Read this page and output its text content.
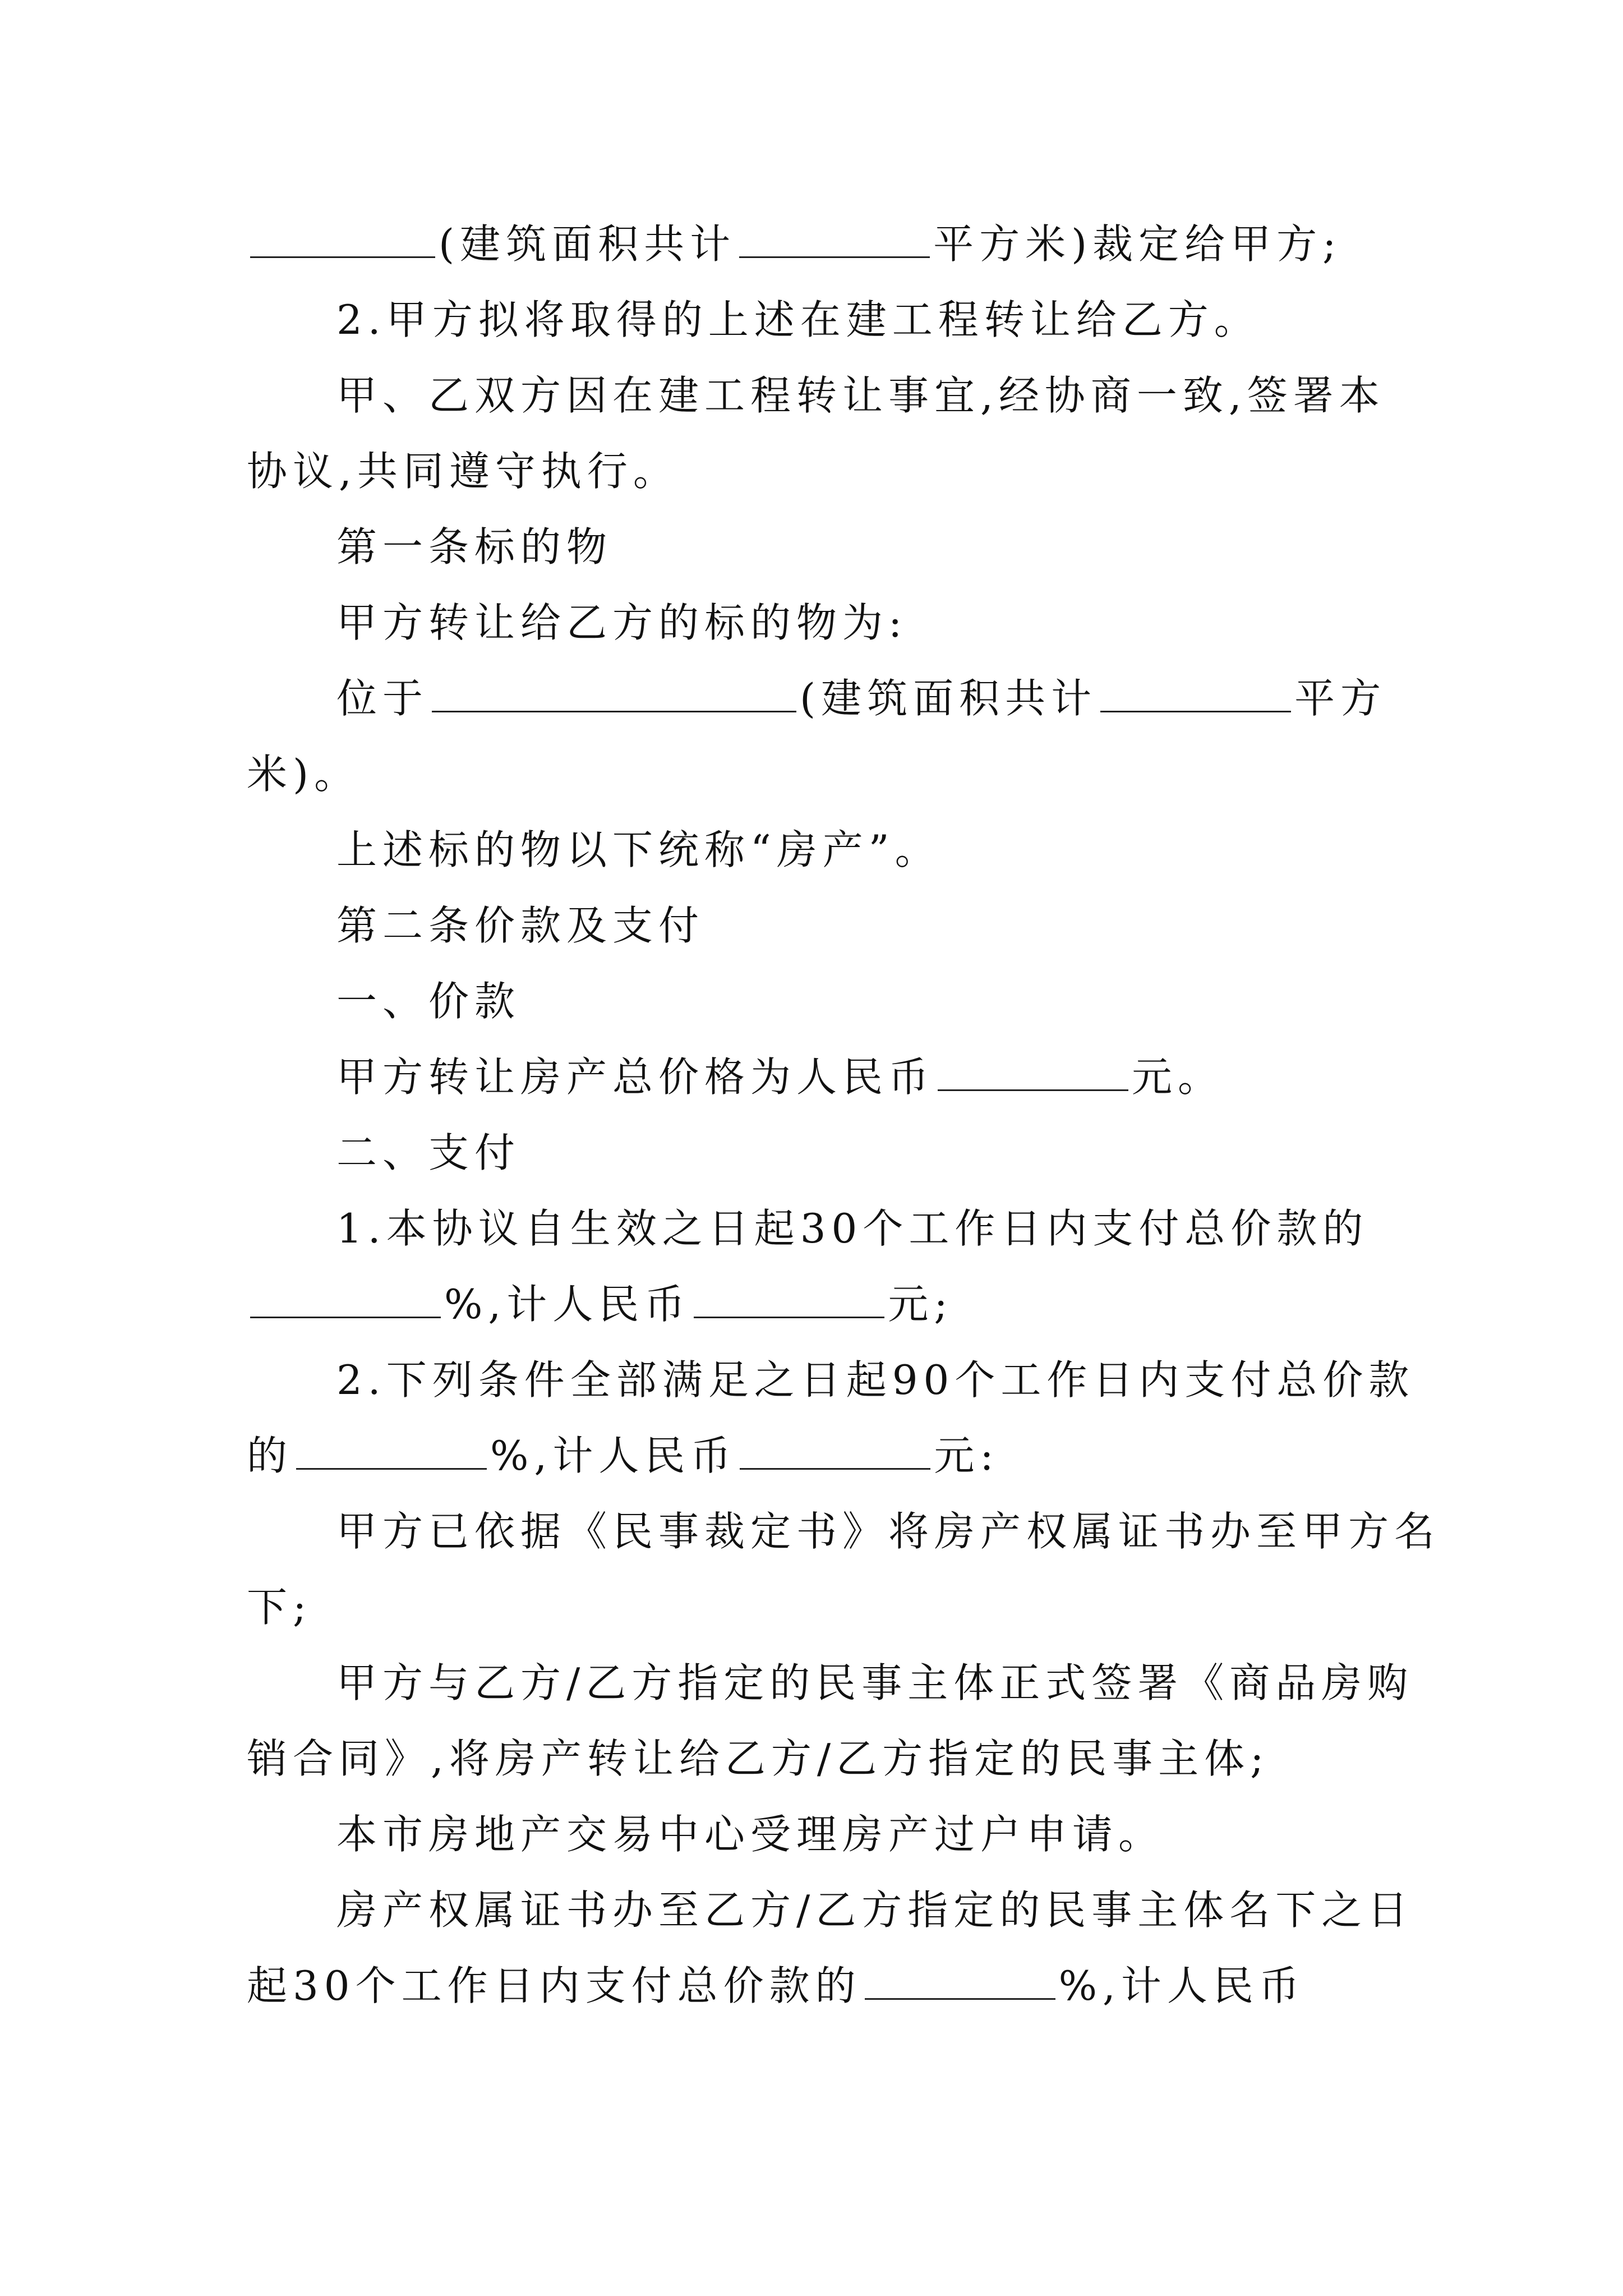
(建筑面积共计	平方米)裁定给甲方;
2.甲方拟将取得的上述在建工程转让给乙方。
甲、乙双方因在建工程转让事宜,经协商一致,签署本
协议,共同遵守执行。
第一条标的物
甲方转让给乙方的标的物为:
位于	(建筑面积共计	平方
米)。
上述标的物以下统称“房产”。
第二条价款及支付
一、价款
甲方转让房产总价格为人民币	元。
二、支付
1.本协议自生效之日起30个工作日内支付总价款的
%,计人民币	元;
2.下列条件全部满足之日起90个工作日内支付总价款
的	%,计人民币	元:
甲方已依据《民事裁定书》将房产权属证书办至甲方名
下;
甲方与乙方/乙方指定的民事主体正式签署《商品房购
销合同》,将房产转让给乙方/乙方指定的民事主体;
本市房地产交易中心受理房产过户申请。
房产权属证书办至乙方/乙方指定的民事主体名下之日
起30个工作日内支付总价款的	%,计人民币
